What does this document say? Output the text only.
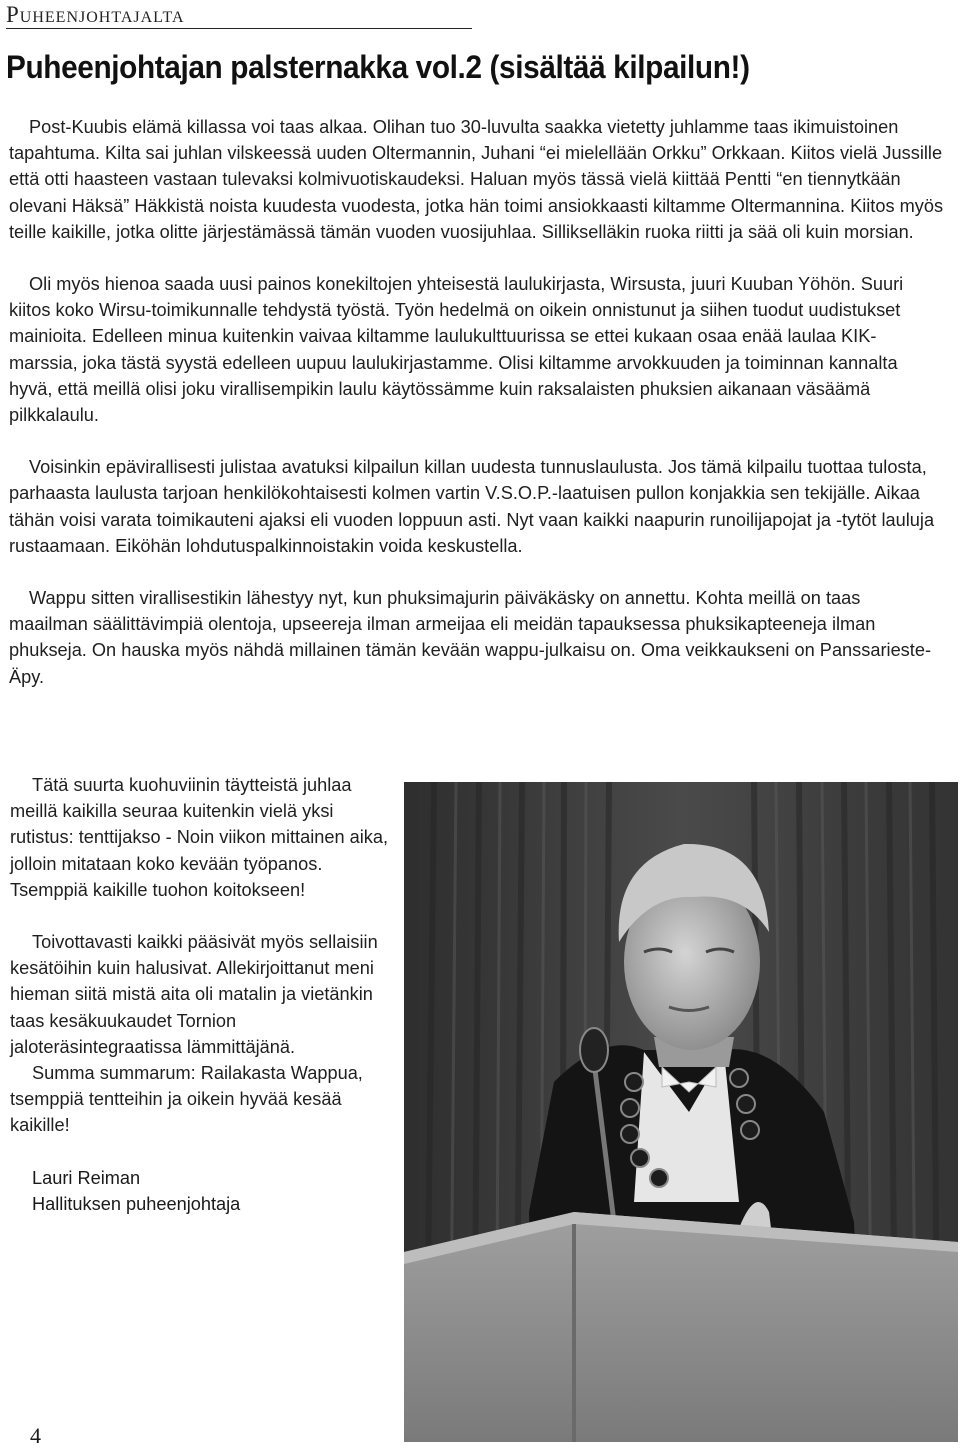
Puheenjohtajalta
Puheenjohtajan palsternakka vol.2 (sisältää kilpailun!)

Post-Kuubis elämä killassa voi taas alkaa. Olihan tuo 30-luvulta saakka vietetty juhlamme taas ikimuistoinen tapahtuma. Kilta sai juhlan vilskeessä uuden Oltermannin, Juhani “ei mielellään Orkku” Orkkaan. Kiitos vielä Jussille että otti haasteen vastaan tulevaksi kolmivuotiskaudeksi. Haluan myös tässä vielä kiittää Pentti “en tiennytkään olevani Häksä” Häkkistä noista kuudesta vuodesta, jotka hän toimi ansiokkaasti kiltamme Oltermannina. Kiitos myös teille kaikille, jotka olitte järjestämässä tämän vuoden vuosijuhlaa. Sillikselläkin ruoka riitti ja sää oli kuin morsian.

Oli myös hienoa saada uusi painos konekiltojen yhteisestä laulukirjasta, Wirsusta, juuri Kuuban Yöhön. Suuri kiitos koko Wirsu-toimikunnalle tehdystä työstä. Työn hedelmä on oikein onnistunut ja siihen tuodut uudistukset mainioita. Edelleen minua kuitenkin vaivaa kiltamme laulukulttuurissa se ettei kukaan osaa enää laulaa KIK-marssia, joka tästä syystä edelleen uupuu laulukirjastamme. Olisi kiltamme arvokkuuden ja toiminnan kannalta hyvä, että meillä olisi joku virallisempikin laulu käytössämme kuin raksalaisten phuksien aikanaan väsäämä pilkkalaulu.

Voisinkin epävirallisesti julistaa avatuksi kilpailun killan uudesta tunnuslaulusta. Jos tämä kilpailu tuottaa tulosta, parhaasta laulusta tarjoan henkilökohtaisesti kolmen vartin V.S.O.P.-laatuisen pullon konjakkia sen tekijälle. Aikaa tähän voisi varata toimikauteni ajaksi eli vuoden loppuun asti. Nyt vaan kaikki naapurin runoilijapojat ja -tytöt lauluja rustaamaan. Eiköhän lohdutuspalkinnoistakin voida keskustella.

Wappu sitten virallisestikin lähestyy nyt, kun phuksimajurin päiväkäsky on annettu. Kohta meillä on taas maailman säälittävimpiä olentoja, upseereja ilman armeijaa eli meidän tapauksessa phuksikapteeneja ilman phukseja. On hauska myös nähdä millainen tämän kevään wappu-julkaisu on. Oma veikkaukseni on Panssarieste-Äpy.

Tätä suurta kuohuviinin täytteistä juhlaa meillä kaikilla seuraa kuitenkin vielä yksi rutistus: tenttijakso - Noin viikon mittainen aika, jolloin mitataan koko kevään työpanos. Tsemppiä kaikille tuohon koitokseen!

Toivottavasti kaikki pääsivät myös sellaisiin kesätöihin kuin halusivat. Allekirjoittanut meni hieman siitä mistä aita oli matalin ja vietänkin taas kesäkuukaudet Tornion jaloteräsintegraatissa lämmittäjänä.

Summa summarum: Railakasta Wappua, tsemppiä tentteihin ja oikein hyvää kesää kaikille!

Lauri Reiman
Hallituksen puheenjohtaja
4
